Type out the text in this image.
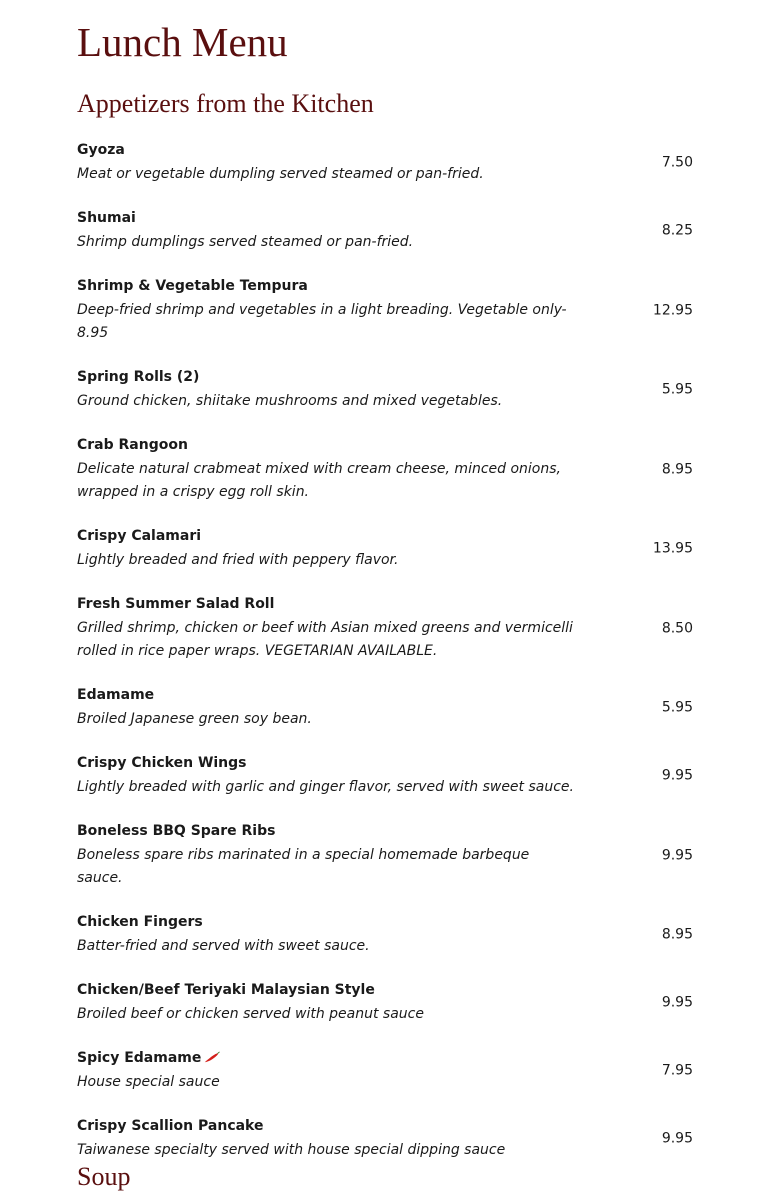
Lunch Menu
Appetizers from the Kitchen
Gyoza
Meat or vegetable dumpling served steamed or pan-fried.
7.50
Shumai
Shrimp dumplings served steamed or pan-fried.
8.25
Shrimp & Vegetable Tempura
Deep-fried shrimp and vegetables in a light breading. Vegetable only-8.95
12.95
Spring Rolls (2)
Ground chicken, shiitake mushrooms and mixed vegetables.
5.95
Crab Rangoon
Delicate natural crabmeat mixed with cream cheese, minced onions, wrapped in a crispy egg roll skin.
8.95
Crispy Calamari
Lightly breaded and fried with peppery flavor.
13.95
Fresh Summer Salad Roll
Grilled shrimp, chicken or beef with Asian mixed greens and vermicelli rolled in rice paper wraps. VEGETARIAN AVAILABLE.
8.50
Edamame
Broiled Japanese green soy bean.
5.95
Crispy Chicken Wings
Lightly breaded with garlic and ginger flavor, served with sweet sauce.
9.95
Boneless BBQ Spare Ribs
Boneless spare ribs marinated in a special homemade barbeque sauce.
9.95
Chicken Fingers
Batter-fried and served with sweet sauce.
8.95
Chicken/Beef Teriyaki Malaysian Style
Broiled beef or chicken served with peanut sauce
9.95
Spicy Edamame
House special sauce
7.95
Crispy Scallion Pancake
Taiwanese specialty served with house special dipping sauce
9.95
Soup
